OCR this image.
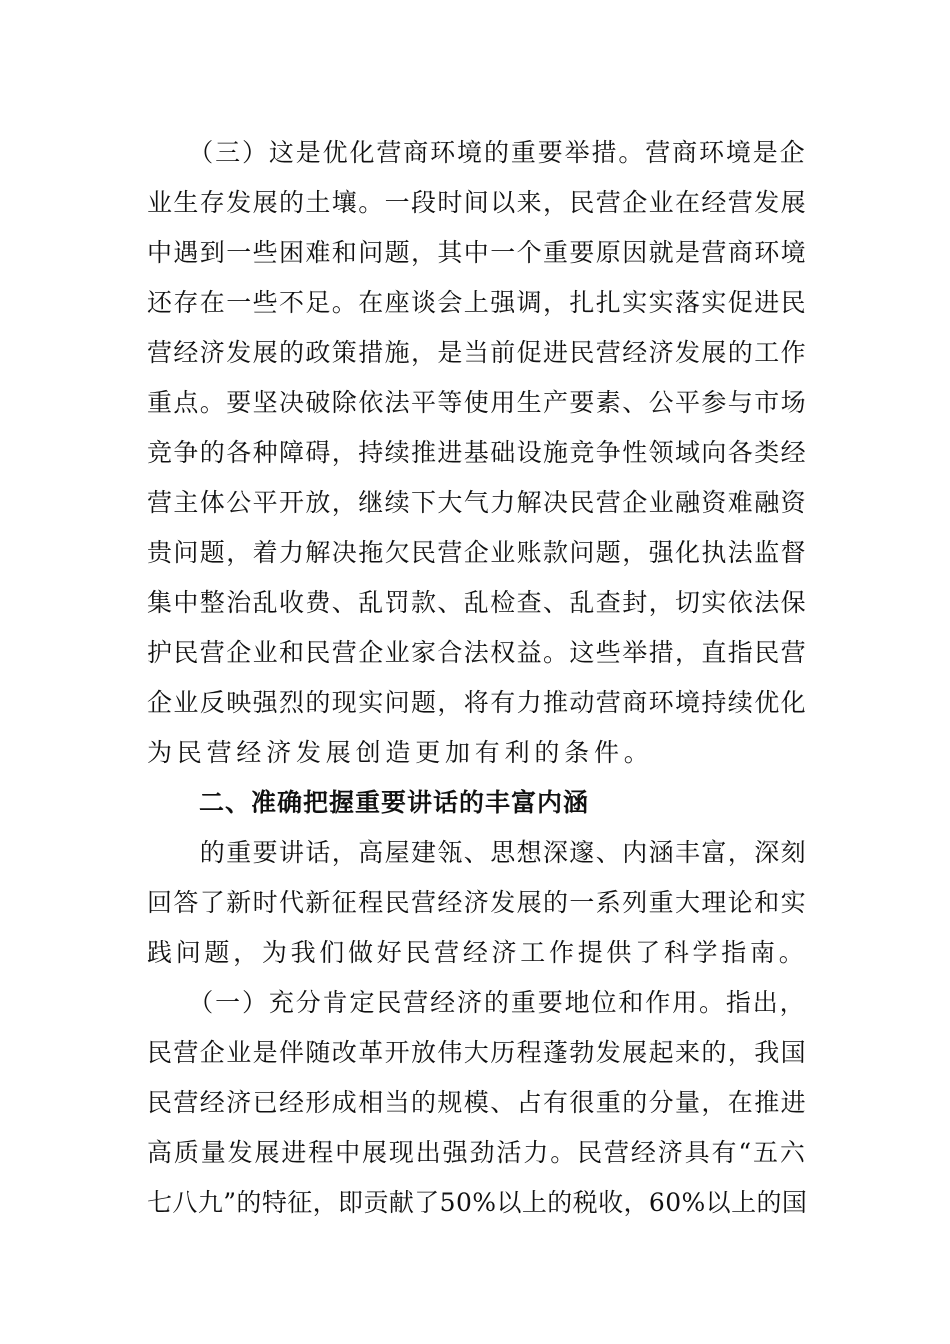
　　（三）这是优化营商环境的重要举措。营商环境是企
业生存发展的土壤。一段时间以来，民营企业在经营发展
中遇到一些困难和问题，其中一个重要原因就是营商环境
还存在一些不足。在座谈会上强调，扎扎实实落实促进民
营经济发展的政策措施，是当前促进民营经济发展的工作
重点。要坚决破除依法平等使用生产要素、公平参与市场
竞争的各种障碍，持续推进基础设施竞争性领域向各类经
营主体公平开放，继续下大气力解决民营企业融资难融资
贵问题，着力解决拖欠民营企业账款问题，强化执法监督
集中整治乱收费、乱罚款、乱检查、乱查封，切实依法保
护民营企业和民营企业家合法权益。这些举措，直指民营
企业反映强烈的现实问题，将有力推动营商环境持续优化
为民营经济发展创造更加有利的条件。
　　二、准确把握重要讲话的丰富内涵
　　的重要讲话，高屋建瓴、思想深邃、内涵丰富，深刻
回答了新时代新征程民营经济发展的一系列重大理论和实
践问题，为我们做好民营经济工作提供了科学指南。
　　（一）充分肯定民营经济的重要地位和作用。指出，
民营企业是伴随改革开放伟大历程蓬勃发展起来的，我国
民营经济已经形成相当的规模、占有很重的分量，在推进
高质量发展进程中展现出强劲活力。民营经济具有“五六
七八九”的特征，即贡献了50%以上的税收，60%以上的国
